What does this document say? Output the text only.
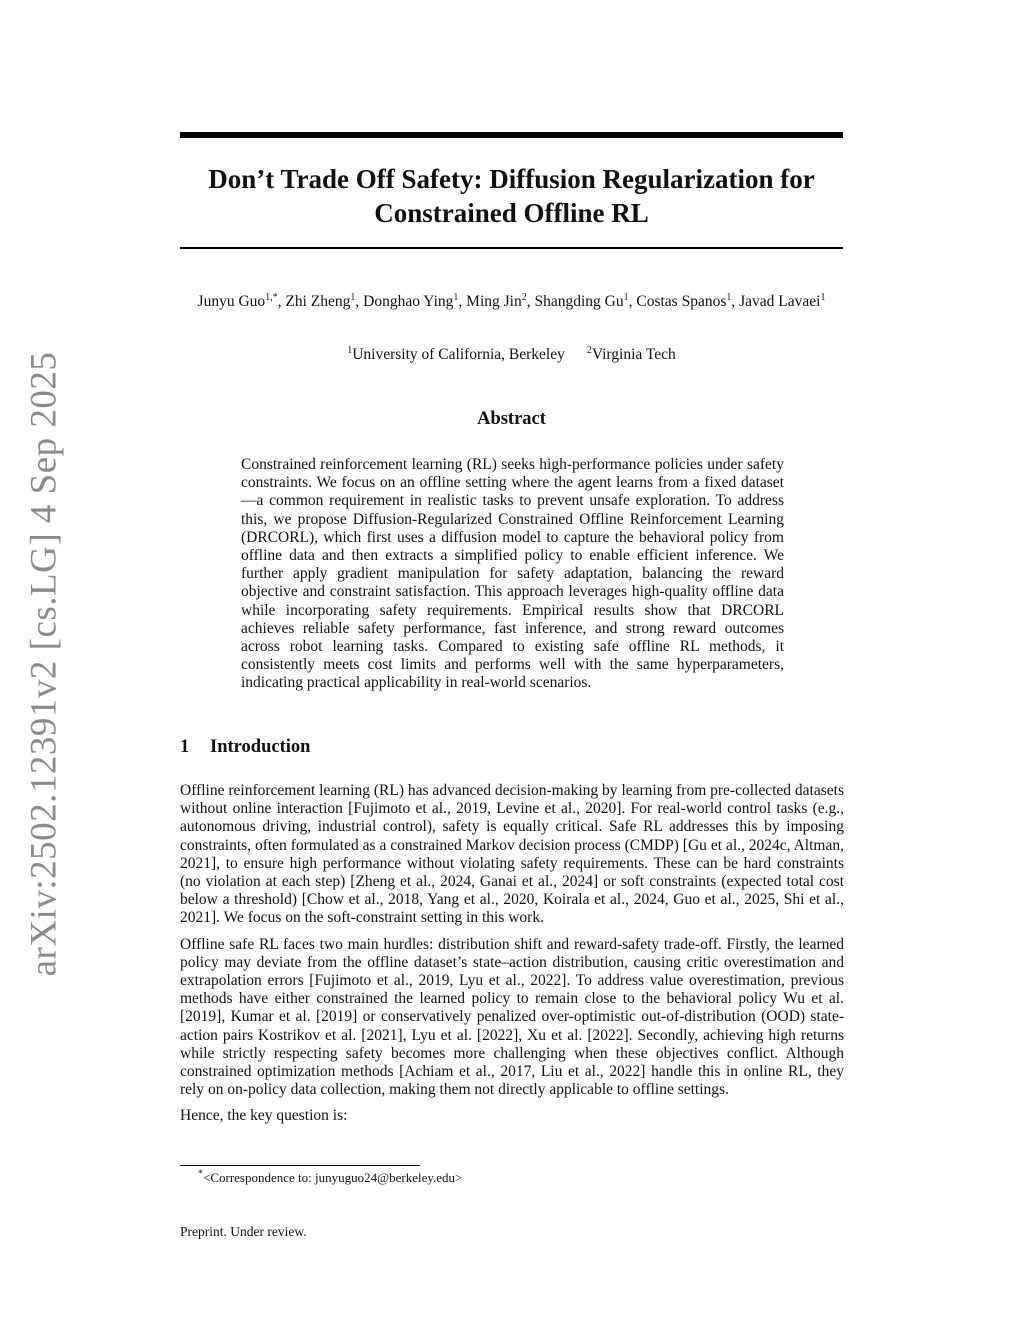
arXiv:2502.12391v2 [cs.LG] 4 Sep 2025
Don’t Trade Off Safety: Diffusion Regularization for
Constrained Offline RL
Junyu Guo$^{1,*}$, Zhi Zheng$^1$, Donghao Ying$^1$, Ming Jin$^2$, Shangding Gu$^1$, Costas Spanos$^1$, Javad Lavaei$^1$
$^1$University of California, Berkeley $^2$Virginia Tech
Abstract

Constrained reinforcement learning (RL) seeks high-performance policies under safety constraints. We focus on an offline setting where the agent learns from a fixed dataset—a common requirement in realistic tasks to prevent unsafe exploration. To address this, we propose Diffusion-Regularized Constrained Offline Reinforcement Learning (DRCORL), which first uses a diffusion model to capture the behavioral policy from offline data and then extracts a simplified policy to enable efficient inference. We further apply gradient manipulation for safety adaptation, balancing the reward objective and constraint satisfaction. This approach leverages high-quality offline data while incorporating safety requirements. Empirical results show that DRCORL achieves reliable safety performance, fast inference, and strong reward outcomes across robot learning tasks. Compared to existing safe offline RL methods, it consistently meets cost limits and performs well with the same hyperparameters, indicating practical applicability in real-world scenarios.

1 Introduction

Offline reinforcement learning (RL) has advanced decision-making by learning from pre-collected datasets without online interaction [Fujimoto et al., 2019, Levine et al., 2020]. For real-world control tasks (e.g., autonomous driving, industrial control), safety is equally critical. Safe RL addresses this by imposing constraints, often formulated as a constrained Markov decision process (CMDP) [Gu et al., 2024c, Altman, 2021], to ensure high performance without violating safety requirements. These can be hard constraints (no violation at each step) [Zheng et al., 2024, Ganai et al., 2024] or soft constraints (expected total cost below a threshold) [Chow et al., 2018, Yang et al., 2020, Koirala et al., 2024, Guo et al., 2025, Shi et al., 2021]. We focus on the soft-constraint setting in this work.

Offline safe RL faces two main hurdles: distribution shift and reward-safety trade-off. Firstly, the learned policy may deviate from the offline dataset’s state–action distribution, causing critic overestimation and extrapolation errors [Fujimoto et al., 2019, Lyu et al., 2022]. To address value overestimation, previous methods have either constrained the learned policy to remain close to the behavioral policy Wu et al. [2019], Kumar et al. [2019] or conservatively penalized over-optimistic out-of-distribution (OOD) state-action pairs Kostrikov et al. [2021], Lyu et al. [2022], Xu et al. [2022]. Secondly, achieving high returns while strictly respecting safety becomes more challenging when these objectives conflict. Although constrained optimization methods [Achiam et al., 2017, Liu et al., 2022] handle this in online RL, they rely on on-policy data collection, making them not directly applicable to offline settings.

Hence, the key question is:

*<Correspondence to: junyuguo24@berkeley.edu>
Preprint. Under review.
